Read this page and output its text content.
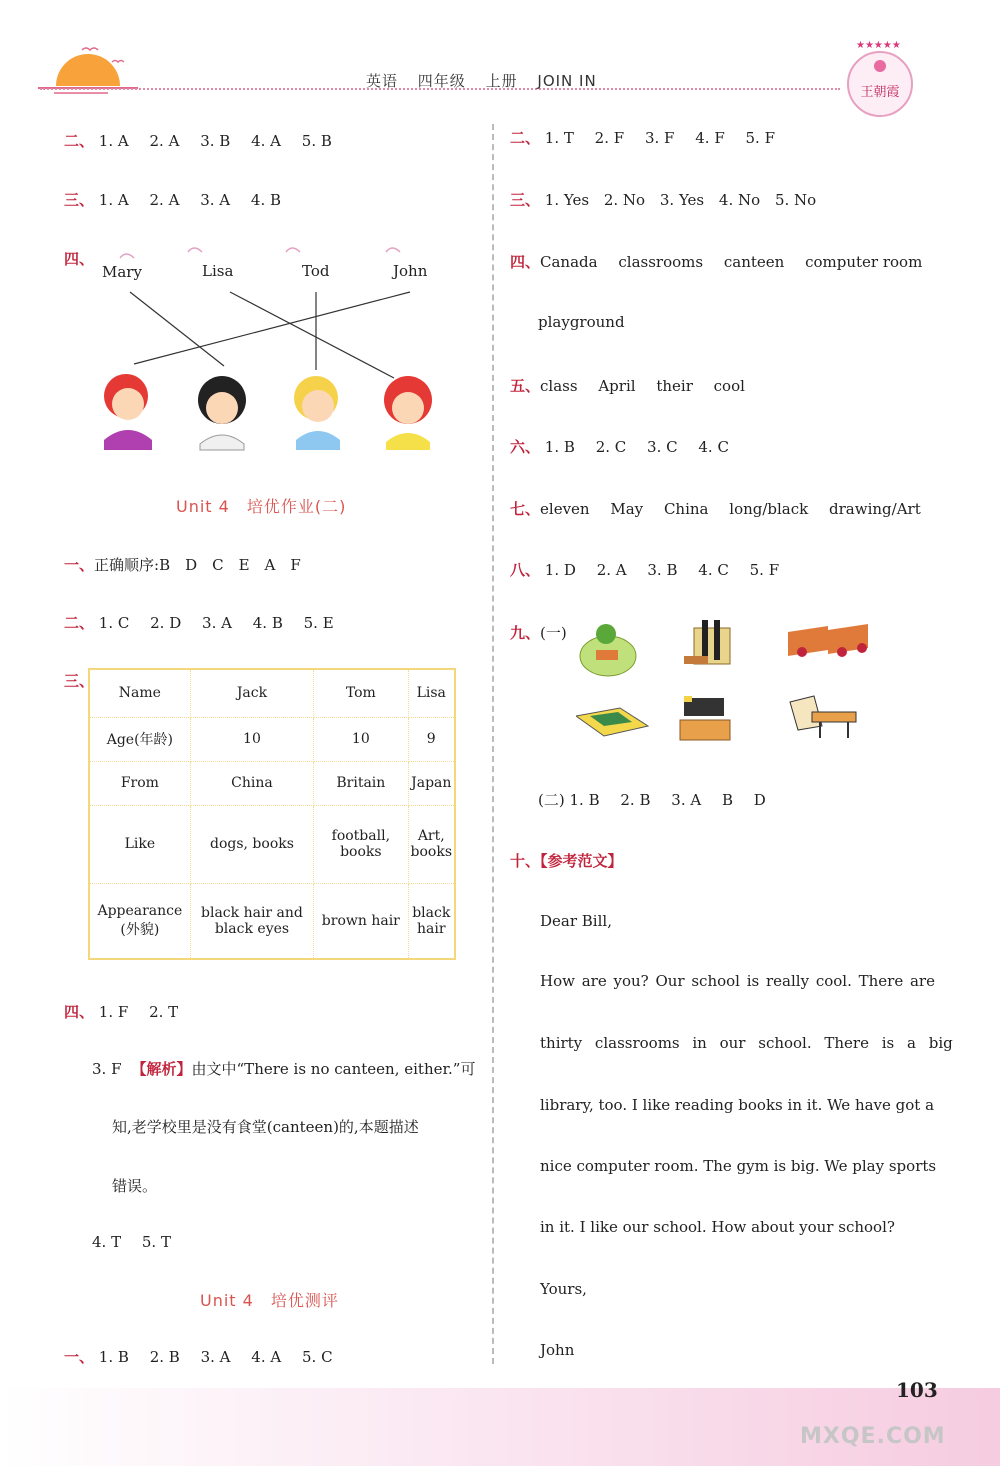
英语 四年级 上册 JOIN IN
★★★★★
王朝霞
二、 1. A 2. A 3. B 4. A 5. B
三、 1. A 2. A 3. A 4. B
四、
Mary	Lisa	Tod	John
Unit 4　培优作业(二)
一、正确顺序:B　D　C　E　A　F
二、 1. C 2. D 3. A 4. B 5. E
三、
Name	Jack	Tom	Lisa
Age(年龄)	10	10	9
From	China	Britain	Japan
Like	dogs, books	football, books	Art, books
Appearance (外貌)	black hair and black eyes	brown hair	black hair
四、 1. F 2. T
3. F 【解析】由文中“There is no canteen, either.”可
知,老学校里是没有食堂(canteen)的,本题描述
错误。
4. T 5. T
Unit 4　培优测评
一、 1. B 2. B 3. A 4. A 5. C
二、 1. T 2. F 3. F 4. F 5. F
三、 1. Yes 2. No 3. Yes 4. No 5. No
四、Canada classrooms canteen computer room
playground
五、class April their cool
六、 1. B 2. C 3. C 4. C
七、eleven May China long/black drawing/Art
八、 1. D 2. A 3. B 4. C 5. F
九、(一)
(二) 1. B 2. B 3. A B D
十、【参考范文】
Dear Bill,
How are you? Our school is really cool. There are
thirty classrooms in our school. There is a big
library, too. I like reading books in it. We have got a
nice computer room. The gym is big. We play sports
in it. I like our school. How about your school?
Yours,
John
103
MXQE.COM
